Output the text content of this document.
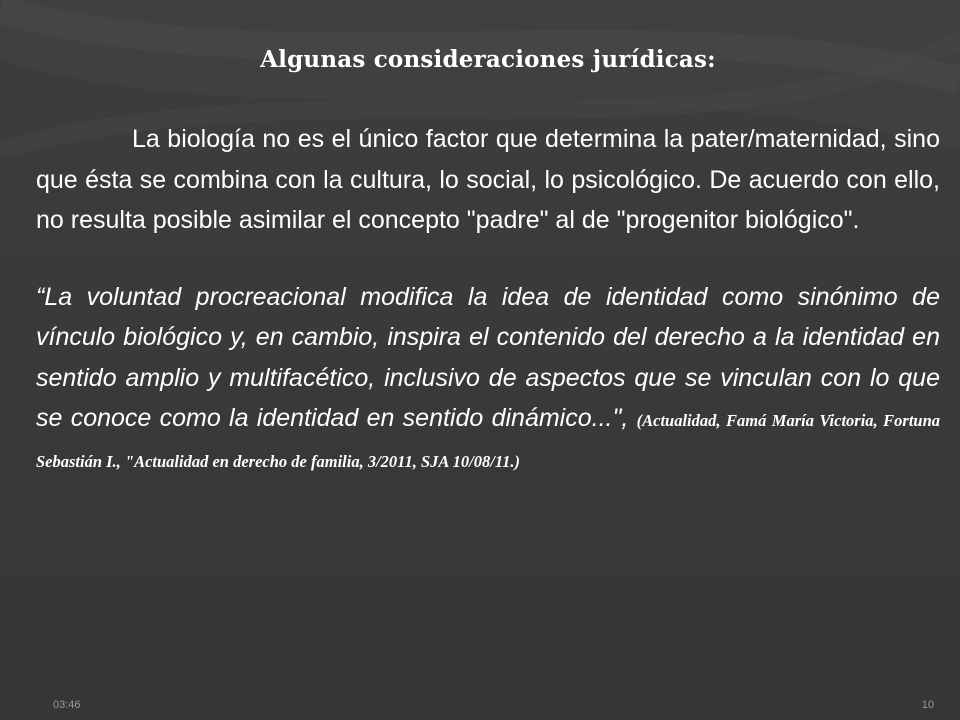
Algunas consideraciones jurídicas:

La biología no es el único factor que determina la pater/maternidad, sino que ésta se combina con la cultura, lo social, lo psicológico. De acuerdo con ello, no resulta posible asimilar el concepto "padre" al de "progenitor biológico".

“La voluntad procreacional modifica la idea de identidad como sinónimo de vínculo biológico y, en cambio, inspira el contenido del derecho a la identidad en sentido amplio y multifacético, inclusivo de aspectos que se vinculan con lo que se conoce como la identidad en sentido dinámico...", (Actualidad, Famá María Victoria, Fortuna Sebastián I., "Actualidad en derecho de familia, 3/2011, SJA 10/08/11.)

03:46	10
